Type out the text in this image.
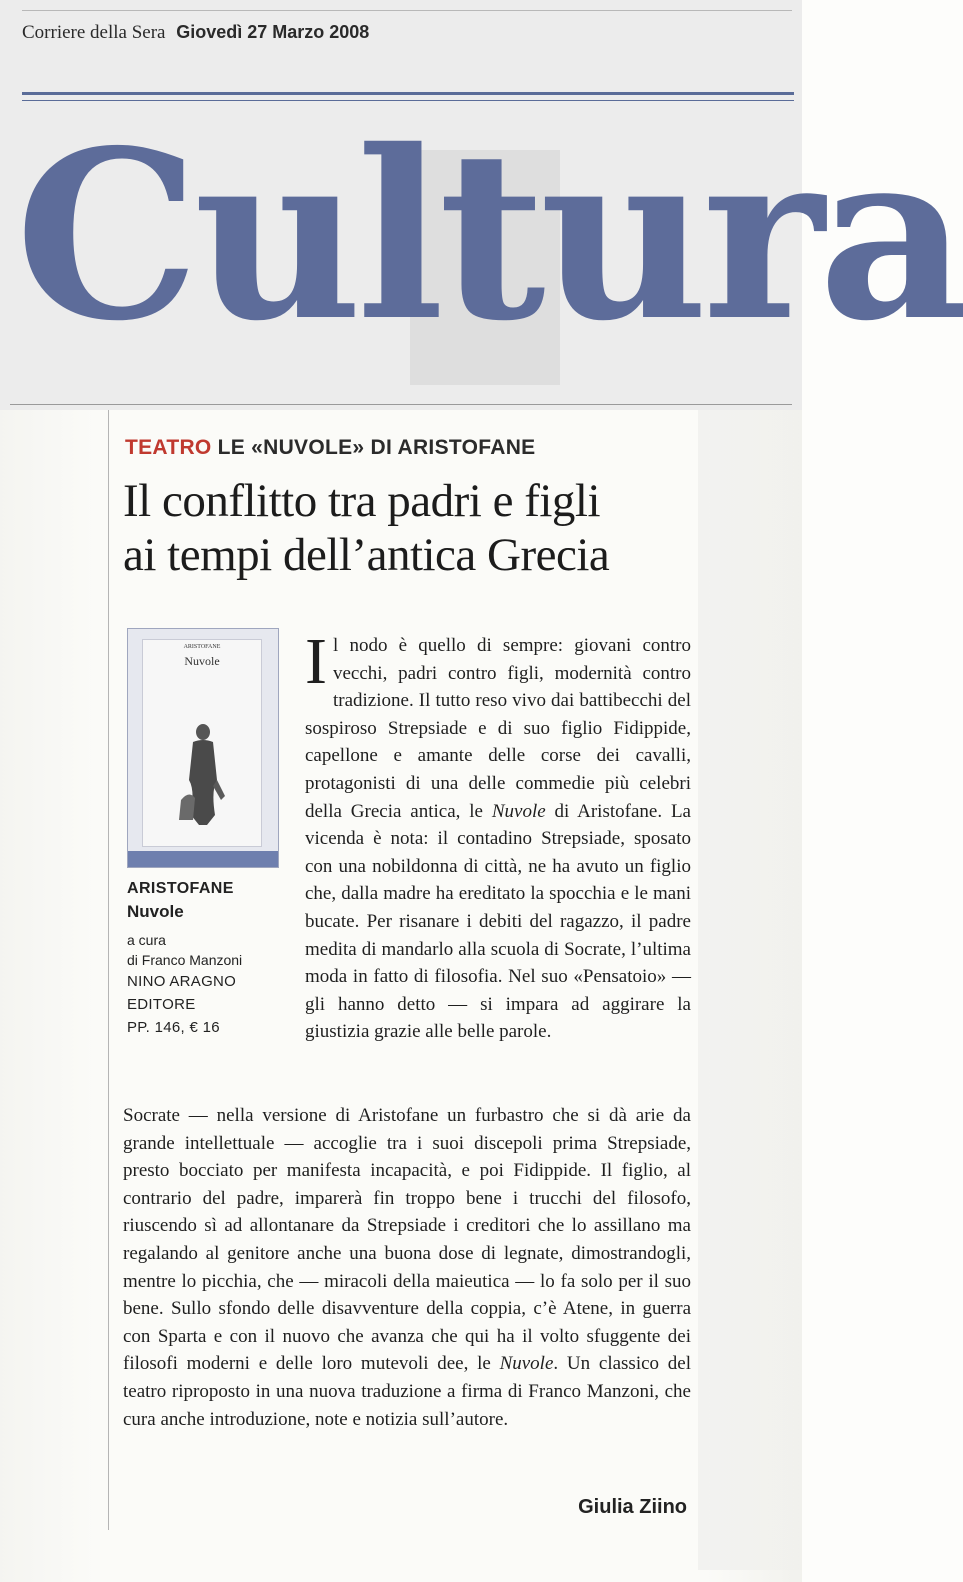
Corriere della Sera Giovedì 27 Marzo 2008
Cultura
TEATRO LE «NUVOLE» DI ARISTOFANE
Il conflitto tra padri e figli
ai tempi dell’antica Grecia
ARISTOFANE
Nuvole
ARISTOFANE
Nuvole
a cura
di Franco Manzoni
NINO ARAGNO
EDITORE
PP. 146, € 16

Il nodo è quello di sempre: giovani contro vecchi, padri contro figli, modernità contro tradizione. Il tutto reso vivo dai battibecchi del sospiroso Strepsiade e di suo figlio Fidippide, capellone e amante delle corse dei cavalli, protagonisti di una delle commedie più celebri della Grecia antica, le Nuvole di Aristofane. La vicenda è nota: il contadino Strepsiade, sposato con una nobildonna di città, ne ha avuto un figlio che, dalla madre ha ereditato la spocchia e le mani bucate. Per risanare i debiti del ragazzo, il padre medita di mandarlo alla scuola di Socrate, l’ultima moda in fatto di filosofia. Nel suo «Pensatoio» — gli hanno detto — si impara ad aggirare la giustizia grazie alle belle parole.

Socrate — nella versione di Aristofane un furbastro che si dà arie da grande intellettuale — accoglie tra i suoi discepoli prima Strepsiade, presto bocciato per manifesta incapacità, e poi Fidippide. Il figlio, al contrario del padre, imparerà fin troppo bene i trucchi del filosofo, riuscendo sì ad allontanare da Strepsiade i creditori che lo assillano ma regalando al genitore anche una buona dose di legnate, dimostrandogli, mentre lo picchia, che — miracoli della maieutica — lo fa solo per il suo bene. Sullo sfondo delle disavventure della coppia, c’è Atene, in guerra con Sparta e con il nuovo che avanza che qui ha il volto sfuggente dei filosofi moderni e delle loro mutevoli dee, le Nuvole. Un classico del teatro riproposto in una nuova traduzione a firma di Franco Manzoni, che cura anche introduzione, note e notizia sull’autore.

Giulia Ziino
